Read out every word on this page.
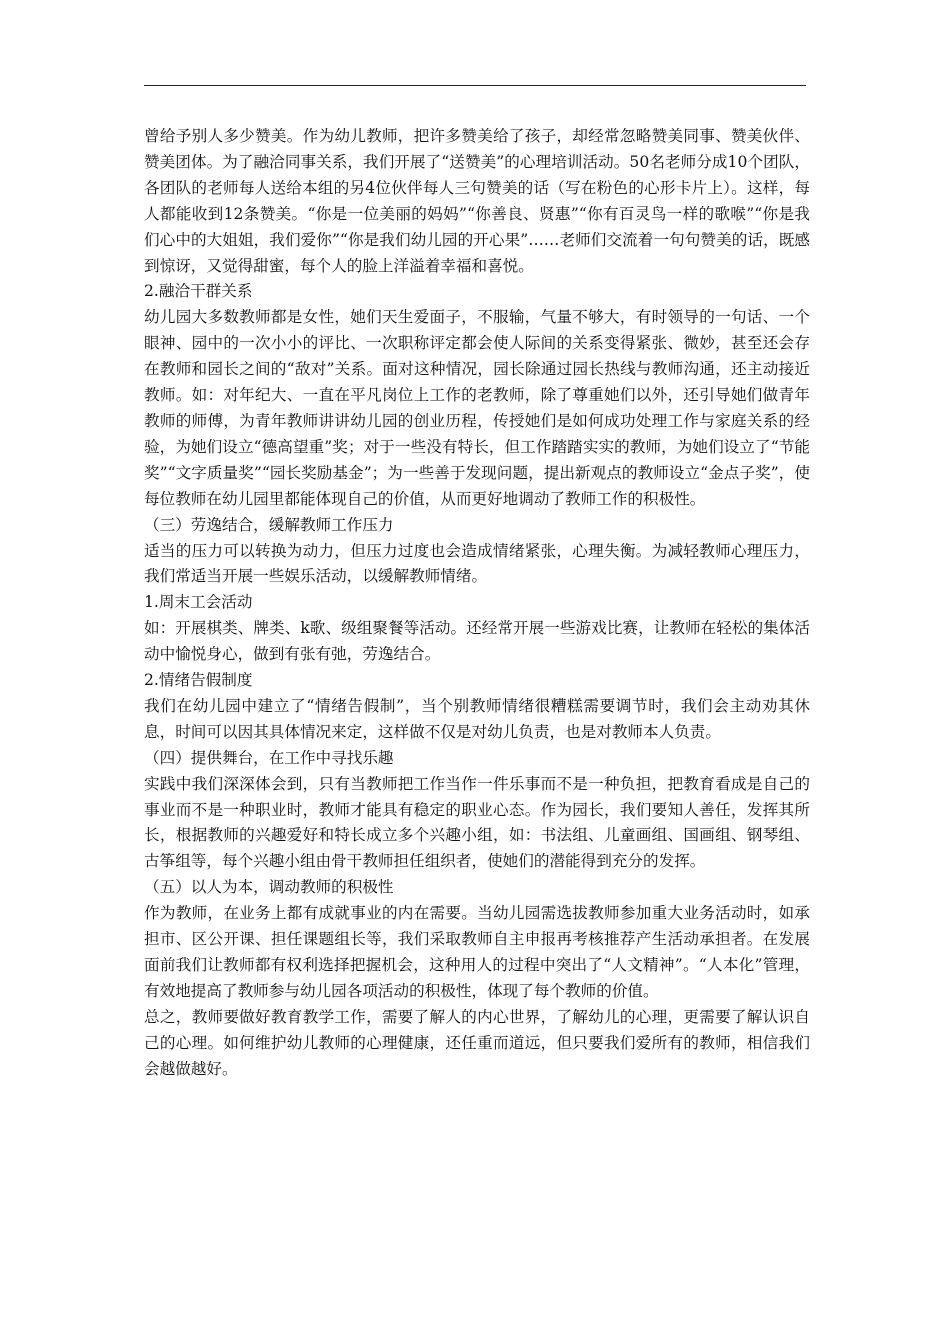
曾给予别人多少赞美。作为幼儿教师，把许多赞美给了孩子，却经常忽略赞美同事、赞美伙伴、赞美团体。为了融洽同事关系，我们开展了“送赞美”的心理培训活动。50名老师分成10个团队，各团队的老师每人送给本组的另4位伙伴每人三句赞美的话（写在粉色的心形卡片上）。这样，每人都能收到12条赞美。“你是一位美丽的妈妈”“你善良、贤惠”“你有百灵鸟一样的歌喉”“你是我们心中的大姐姐，我们爱你”“你是我们幼儿园的开心果”……老师们交流着一句句赞美的话，既感到惊讶，又觉得甜蜜，每个人的脸上洋溢着幸福和喜悦。

2.融洽干群关系

幼儿园大多数教师都是女性，她们天生爱面子，不服输，气量不够大，有时领导的一句话、一个眼神、园中的一次小小的评比、一次职称评定都会使人际间的关系变得紧张、微妙，甚至还会存在教师和园长之间的“敌对”关系。面对这种情况，园长除通过园长热线与教师沟通，还主动接近教师。如：对年纪大、一直在平凡岗位上工作的老教师，除了尊重她们以外，还引导她们做青年教师的师傅，为青年教师讲讲幼儿园的创业历程，传授她们是如何成功处理工作与家庭关系的经验，为她们设立“德高望重”奖；对于一些没有特长，但工作踏踏实实的教师，为她们设立了“节能奖”“文字质量奖”“园长奖励基金”；为一些善于发现问题，提出新观点的教师设立“金点子奖”，使每位教师在幼儿园里都能体现自己的价值，从而更好地调动了教师工作的积极性。

（三）劳逸结合，缓解教师工作压力

适当的压力可以转换为动力，但压力过度也会造成情绪紧张，心理失衡。为减轻教师心理压力，我们常适当开展一些娱乐活动，以缓解教师情绪。

1.周末工会活动

如：开展棋类、牌类、k歌、级组聚餐等活动。还经常开展一些游戏比赛，让教师在轻松的集体活动中愉悦身心，做到有张有弛，劳逸结合。

2.情绪告假制度

我们在幼儿园中建立了“情绪告假制”，当个别教师情绪很糟糕需要调节时，我们会主动劝其休息，时间可以因其具体情况来定，这样做不仅是对幼儿负责，也是对教师本人负责。

（四）提供舞台，在工作中寻找乐趣

实践中我们深深体会到，只有当教师把工作当作一件乐事而不是一种负担，把教育看成是自己的事业而不是一种职业时，教师才能具有稳定的职业心态。作为园长，我们要知人善任，发挥其所长，根据教师的兴趣爱好和特长成立多个兴趣小组，如：书法组、儿童画组、国画组、钢琴组、古筝组等，每个兴趣小组由骨干教师担任组织者，使她们的潜能得到充分的发挥。

（五）以人为本，调动教师的积极性

作为教师，在业务上都有成就事业的内在需要。当幼儿园需选拔教师参加重大业务活动时，如承担市、区公开课、担任课题组长等，我们采取教师自主申报再考核推荐产生活动承担者。在发展面前我们让教师都有权利选择把握机会，这种用人的过程中突出了“人文精神”。“人本化”管理，有效地提高了教师参与幼儿园各项活动的积极性，体现了每个教师的价值。

总之，教师要做好教育教学工作，需要了解人的内心世界，了解幼儿的心理，更需要了解认识自己的心理。如何维护幼儿教师的心理健康，还任重而道远，但只要我们爱所有的教师，相信我们会越做越好。
